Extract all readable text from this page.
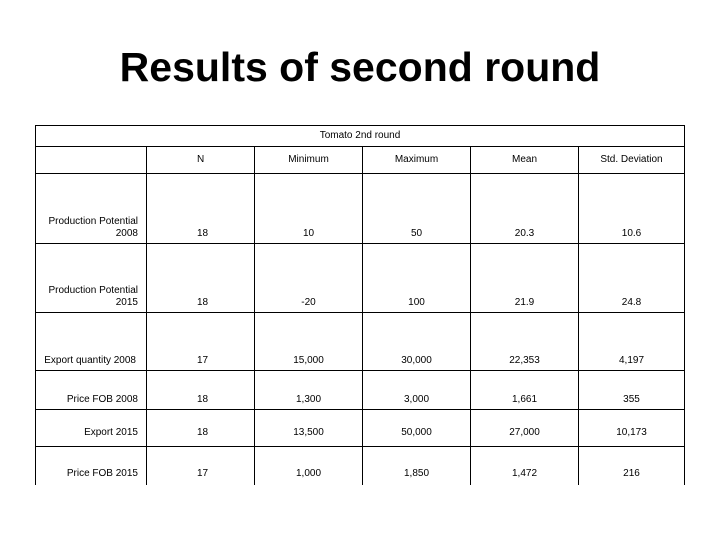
Results of second round
Tomato 2nd round
N	Minimum	Maximum	Mean	Std. Deviation
Production Potential
2008	18	10	50	20.3	10.6
Production Potential
2015	18	-20	100	21.9	24.8
Export quantity 2008	17	15,000	30,000	22,353	4,197
Price FOB 2008	18	1,300	3,000	1,661	355
Export 2015	18	13,500	50,000	27,000	10,173
Price FOB 2015	17	1,000	1,850	1,472	216
